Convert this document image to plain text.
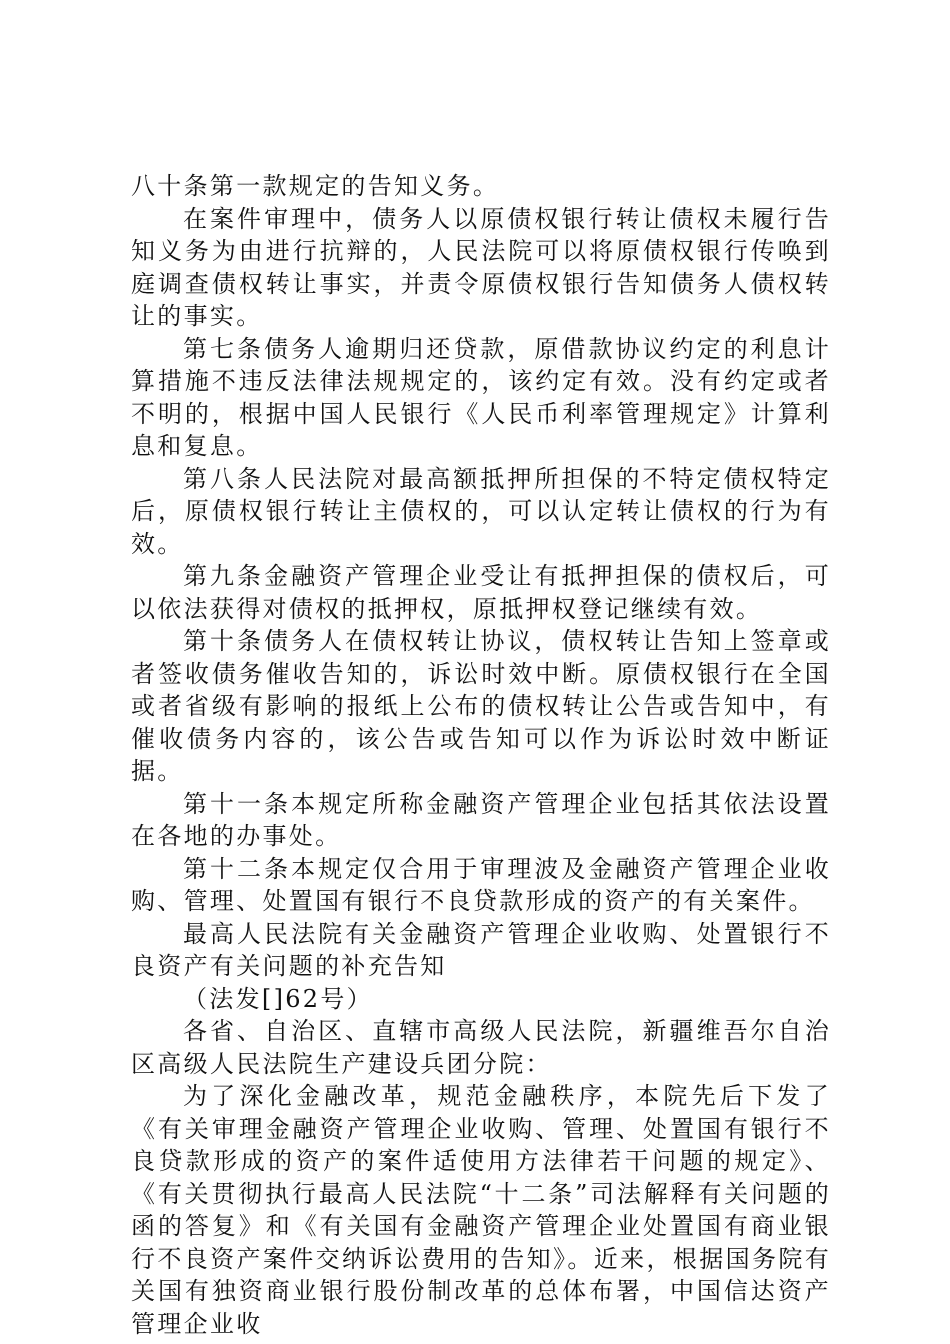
八十条第一款规定的告知义务。

在案件审理中，债务人以原债权银行转让债权未履行告知义务为由进行抗辩的，人民法院可以将原债权银行传唤到庭调查债权转让事实，并责令原债权银行告知债务人债权转让的事实。

第七条债务人逾期归还贷款，原借款协议约定的利息计算措施不违反法律法规规定的，该约定有效。没有约定或者不明的，根据中国人民银行《人民币利率管理规定》计算利息和复息。

第八条人民法院对最高额抵押所担保的不特定债权特定后，原债权银行转让主债权的，可以认定转让债权的行为有效。

第九条金融资产管理企业受让有抵押担保的债权后，可以依法获得对债权的抵押权，原抵押权登记继续有效。

第十条债务人在债权转让协议，债权转让告知上签章或者签收债务催收告知的，诉讼时效中断。原债权银行在全国或者省级有影响的报纸上公布的债权转让公告或告知中，有催收债务内容的，该公告或告知可以作为诉讼时效中断证据。

第十一条本规定所称金融资产管理企业包括其依法设置在各地的办事处。

第十二条本规定仅合用于审理波及金融资产管理企业收购、管理、处置国有银行不良贷款形成的资产的有关案件。

最高人民法院有关金融资产管理企业收购、处置银行不良资产有关问题的补充告知

（法发[]62号）

各省、自治区、直辖市高级人民法院，新疆维吾尔自治区高级人民法院生产建设兵团分院：

为了深化金融改革，规范金融秩序，本院先后下发了《有关审理金融资产管理企业收购、管理、处置国有银行不良贷款形成的资产的案件适使用方法律若干问题的规定》、《有关贯彻执行最高人民法院“十二条”司法解释有关问题的函的答复》和《有关国有金融资产管理企业处置国有商业银行不良资产案件交纳诉讼费用的告知》。近来，根据国务院有关国有独资商业银行股份制改革的总体布署，中国信达资产管理企业收
